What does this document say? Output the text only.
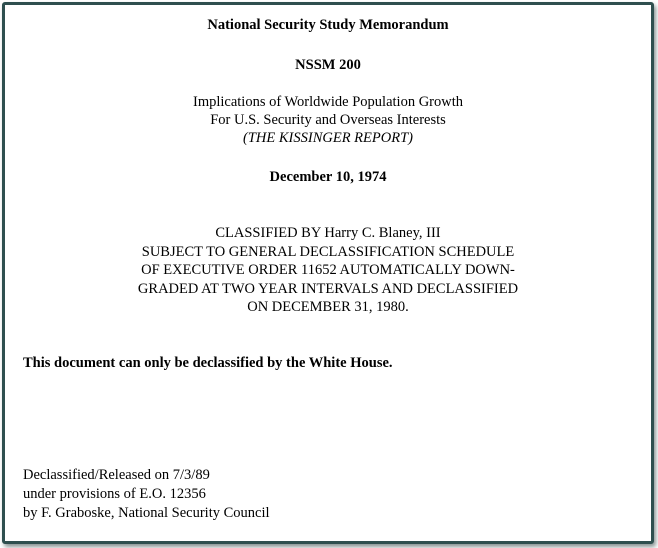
National Security Study Memorandum
NSSM 200
Implications of Worldwide Population Growth
For U.S. Security and Overseas Interests
(THE KISSINGER REPORT)
December 10, 1974
CLASSIFIED BY Harry C. Blaney, III
SUBJECT TO GENERAL DECLASSIFICATION SCHEDULE
OF EXECUTIVE ORDER 11652 AUTOMATICALLY DOWN-
GRADED AT TWO YEAR INTERVALS AND DECLASSIFIED
ON DECEMBER 31, 1980.
This document can only be declassified by the White House.
Declassified/Released on 7/3/89
under provisions of E.O. 12356
by F. Graboske, National Security Council
